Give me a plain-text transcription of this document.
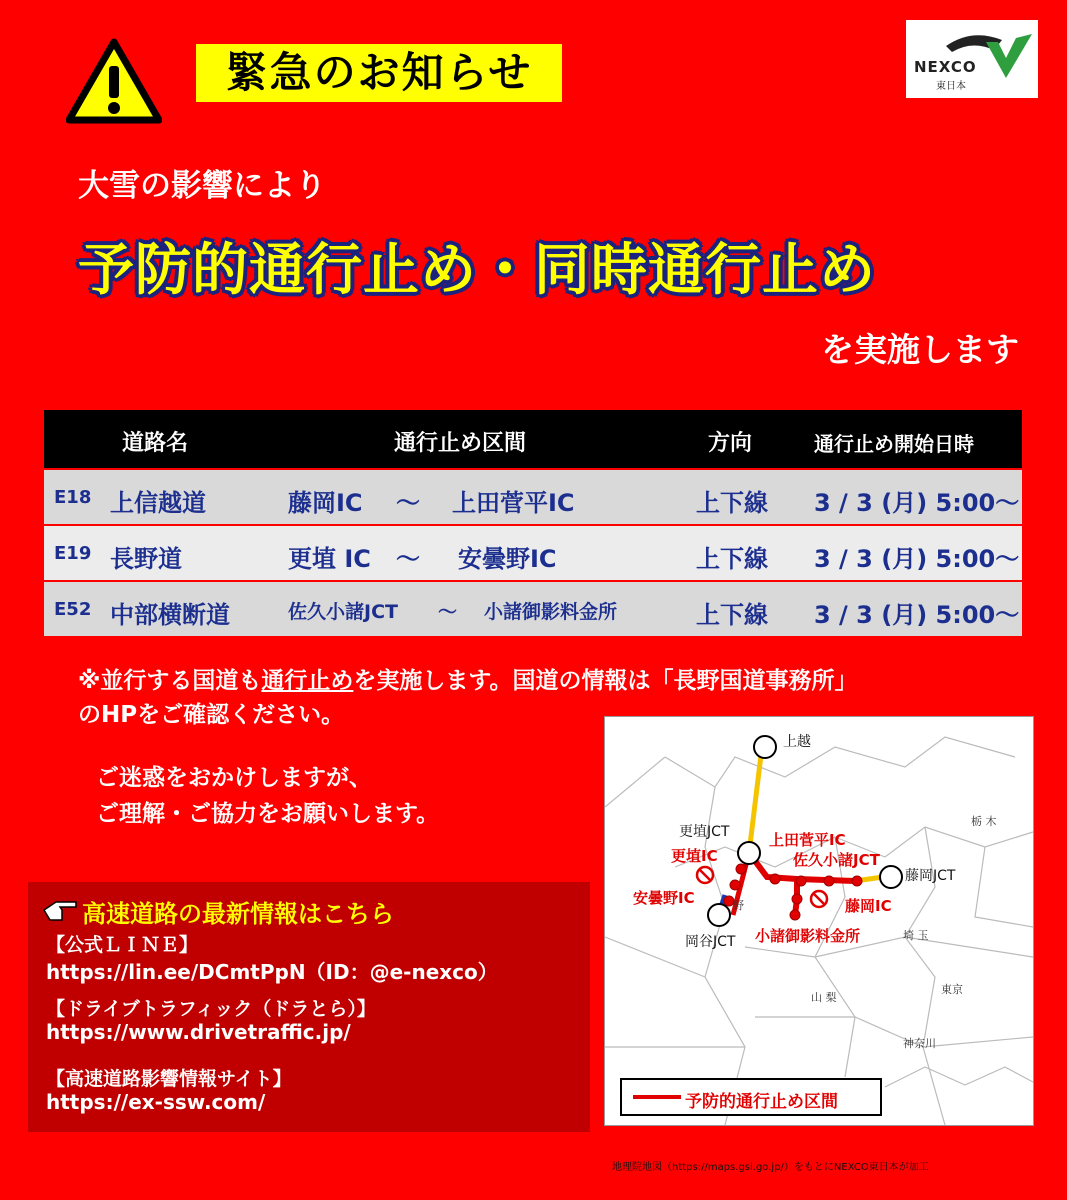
緊急のお知らせ	NEXCO
東日本
大雪の影響により
予防的通行止め・同時通行止め
を実施します
道路名	通行止め区間	方向	通行止め開始日時
E18 上信越道	藤岡IC ～ 上田菅平IC	上下線 3 / 3 (月) 5:00～
E19 長野道	更埴 IC ～ 安曇野IC	上下線 3 / 3 (月) 5:00～
E52 中部横断道	佐久小諸JCT ～ 小諸御影料金所	上下線 3 / 3 (月) 5:00～
※並行する国道も通行止めを実施します。国道の情報は「長野国道事務所」
のHPをご確認ください。
ご迷惑をおかけしますが、
ご理解・ご協力をお願いします。
高速道路の最新情報はこちら
【公式ＬＩＮＥ】
https://lin.ee/DCmtPpN（ID：@e-nexco）
【ドライブトラフィック（ドラとら）】
https://www.drivetraffic.jp/
【高速道路影響情報サイト】
https://ex-ssw.com/
上越
更埴JCT	上田菅平IC
佐久小諸JCT
更埴IC
藤岡JCT
安曇野IC	藤岡IC
岡谷JCT 小諸御影料金所
栃 木
埼 玉
東京
山 梨
神奈川
野
予防的通行止め区間
地理院地図（https://maps.gsi.go.jp/）をもとにNEXCO東日本が加工
